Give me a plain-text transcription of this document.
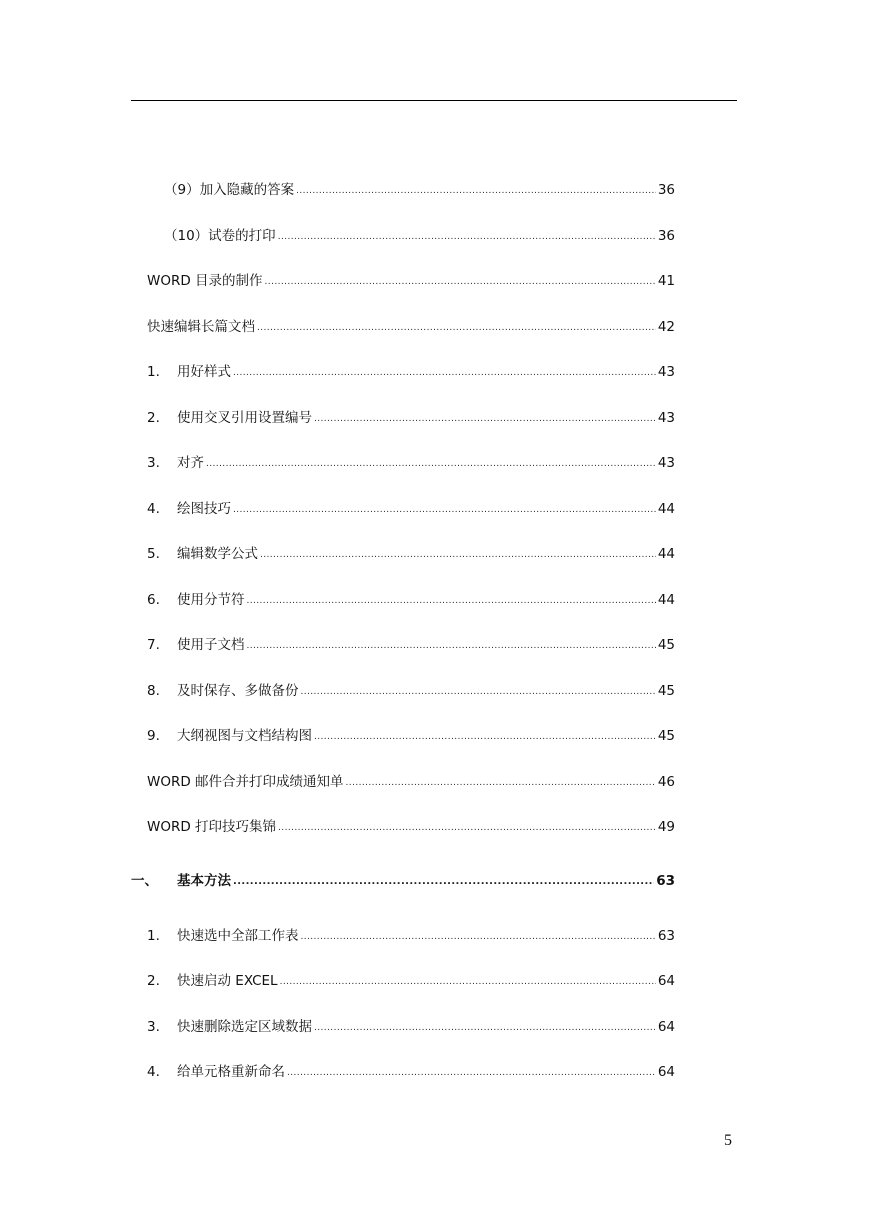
（9）加入隐藏的答案 .....	36
（10）试卷的打印 .....	36
WORD 目录的制作 .....	41
快速编辑长篇文档 .....	42
1.	用好样式 .....	43
2.	使用交叉引用设置编号 .....	43
3.	对齐 .....	43
4.	绘图技巧 .....	44
5.	编辑数学公式 .....	44
6.	使用分节符 .....	44
7.	使用子文档 .....	45
8.	及时保存、多做备份 .....	45
9.	大纲视图与文档结构图 .....	45
WORD 邮件合并打印成绩通知单 .....	46
WORD 打印技巧集锦 .....	49
一、	基本方法 .....	63
1.	快速选中全部工作表 .....	63
2.	快速启动 EXCEL .....	64
3.	快速删除选定区域数据 .....	64
4.	给单元格重新命名 .....	64
5
